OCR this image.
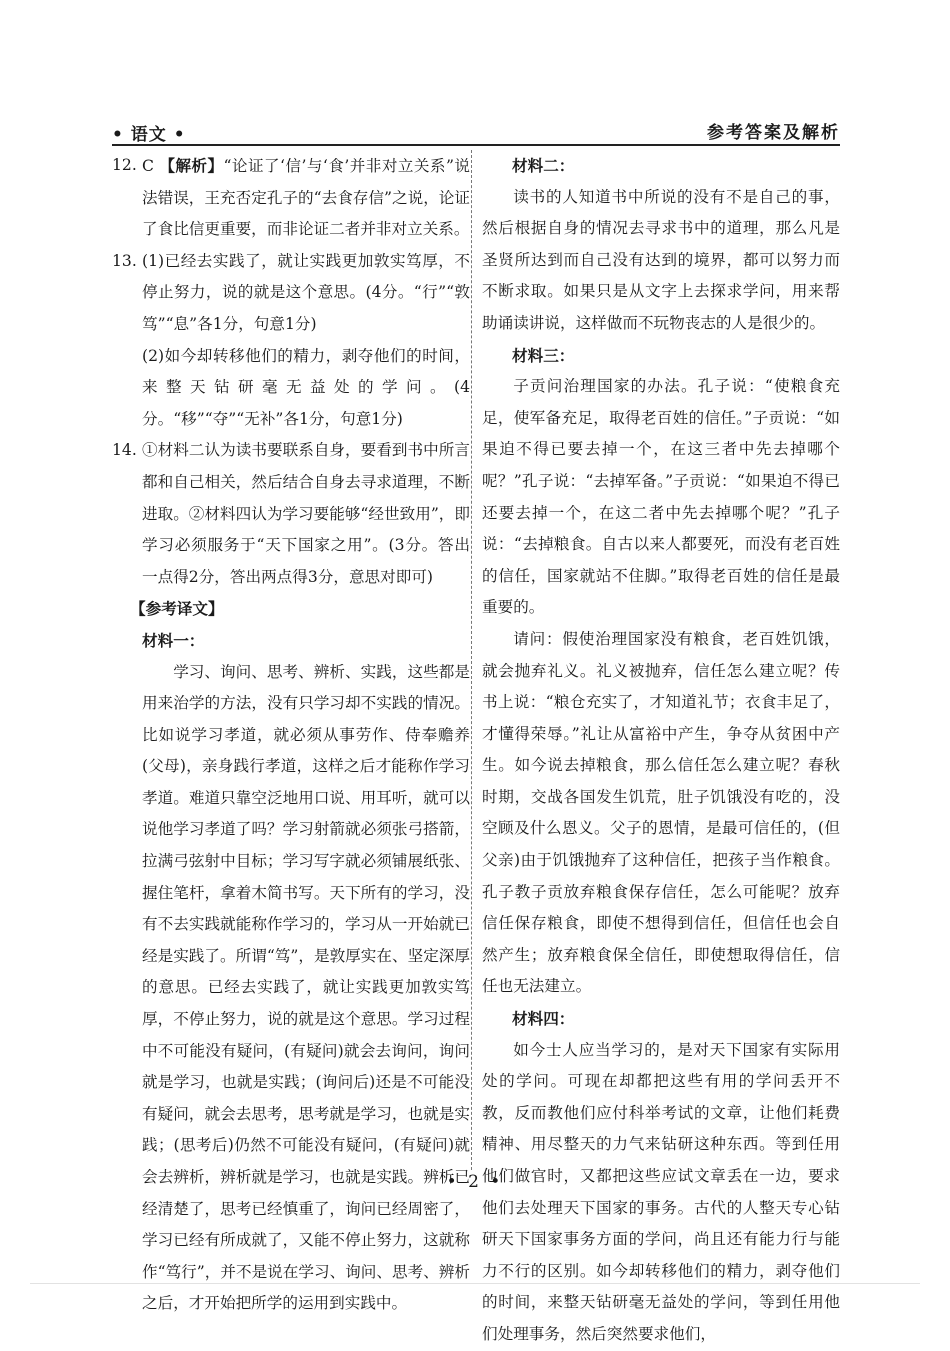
• 语文 •	参考答案及解析
12. C 【解析】“论证了‘信’与‘食’并非对立关系”说法错误，王充否定孔子的“去食存信”之说，论证了食比信更重要，而非论证二者并非对立关系。
13. (1)已经去实践了，就让实践更加敦实笃厚，不停止努力，说的就是这个意思。(4分。“行”“敦笃”“息”各1分，句意1分)

(2)如今却转移他们的精力，剥夺他们的时间，来整天钻研毫无益处的学问。(4分。“移”“夺”“无补”各1分，句意1分)

14. ①材料二认为读书要联系自身，要看到书中所言都和自己相关，然后结合自身去寻求道理，不断进取。②材料四认为学习要能够“经世致用”，即学习必须服务于“天下国家之用”。(3分。答出一点得2分，答出两点得3分，意思对即可)

【参考译文】

材料一：

学习、询问、思考、辨析、实践，这些都是用来治学的方法，没有只学习却不实践的情况。比如说学习孝道，就必须从事劳作、侍奉赡养(父母)，亲身践行孝道，这样之后才能称作学习孝道。难道只靠空泛地用口说、用耳听，就可以说他学习孝道了吗？学习射箭就必须张弓搭箭，拉满弓弦射中目标；学习写字就必须铺展纸张、握住笔杆，拿着木简书写。天下所有的学习，没有不去实践就能称作学习的，学习从一开始就已经是实践了。所谓“笃”，是敦厚实在、坚定深厚的意思。已经去实践了，就让实践更加敦实笃厚，不停止努力，说的就是这个意思。学习过程中不可能没有疑问，(有疑问)就会去询问，询问就是学习，也就是实践；(询问后)还是不可能没有疑问，就会去思考，思考就是学习，也就是实践；(思考后)仍然不可能没有疑问，(有疑问)就会去辨析，辨析就是学习，也就是实践。辨析已经清楚了，思考已经慎重了，询问已经周密了，学习已经有所成就了，又能不停止努力，这就称作“笃行”，并不是说在学习、询问、思考、辨析之后，才开始把所学的运用到实践中。

材料二：

读书的人知道书中所说的没有不是自己的事，然后根据自身的情况去寻求书中的道理，那么凡是圣贤所达到而自己没有达到的境界，都可以努力而不断求取。如果只是从文字上去探求学问，用来帮助诵读讲说，这样做而不玩物丧志的人是很少的。

材料三：

子贡问治理国家的办法。孔子说：“使粮食充足，使军备充足，取得老百姓的信任。”子贡说：“如果迫不得已要去掉一个，在这三者中先去掉哪个呢？”孔子说：“去掉军备。”子贡说：“如果迫不得已还要去掉一个，在这二者中先去掉哪个呢？”孔子说：“去掉粮食。自古以来人都要死，而没有老百姓的信任，国家就站不住脚。”取得老百姓的信任是最重要的。

请问：假使治理国家没有粮食，老百姓饥饿，就会抛弃礼义。礼义被抛弃，信任怎么建立呢？传书上说：“粮仓充实了，才知道礼节；衣食丰足了，才懂得荣辱。”礼让从富裕中产生，争夺从贫困中产生。如今说去掉粮食，那么信任怎么建立呢？春秋时期，交战各国发生饥荒，肚子饥饿没有吃的，没空顾及什么恩义。父子的恩情，是最可信任的，(但父亲)由于饥饿抛弃了这种信任，把孩子当作粮食。孔子教子贡放弃粮食保存信任，怎么可能呢？放弃信任保存粮食，即使不想得到信任，但信任也会自然产生；放弃粮食保全信任，即使想取得信任，信任也无法建立。

材料四：

如今士人应当学习的，是对天下国家有实际用处的学问。可现在却都把这些有用的学问丢开不教，反而教他们应付科举考试的文章，让他们耗费精神、用尽整天的力气来钻研这种东西。等到任用他们做官时，又都把这些应试文章丢在一边，要求他们去处理天下国家的事务。古代的人整天专心钻研天下国家事务方面的学问，尚且还有能力行与能力不行的区别。如今却转移他们的精力，剥夺他们的时间，来整天钻研毫无益处的学问，等到任用他们处理事务，然后突然要求他们，

• 2 •
